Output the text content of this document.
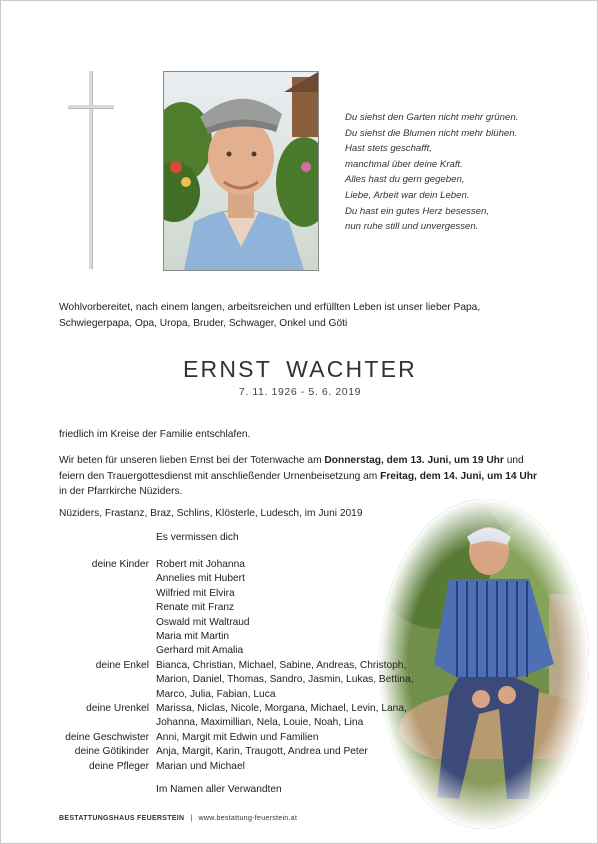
Du siehst den Garten nicht mehr grünen.
Du siehst die Blumen nicht mehr blühen.
Hast stets geschafft,
manchmal über deine Kraft.
Alles hast du gern gegeben,
Liebe, Arbeit war dein Leben.
Du hast ein gutes Herz besessen,
nun ruhe still und unvergessen.
Wohlvorbereitet, nach einem langen, arbeitsreichen und erfüllten Leben ist unser lieber Papa,
Schwiegerpapa, Opa, Uropa, Bruder, Schwager, Onkel und Göti
ERNST WACHTER
7. 11. 1926 - 5. 6. 2019
friedlich im Kreise der Familie entschlafen.
Wir beten für unseren lieben Ernst bei der Totenwache am Donnerstag, dem 13. Juni, um 19 Uhr und
feiern den Trauergottesdienst mit anschließender Urnenbeisetzung am Freitag, dem 14. Juni, um 14 Uhr
in der Pfarrkirche Nüziders.
Nüziders, Frastanz, Braz, Schlins, Klösterle, Ludesch, im Juni 2019
Es vermissen dich
deine Kinder Robert mit Johanna
Annelies mit Hubert
Wilfried mit Elvira
Renate mit Franz
Oswald mit Waltraud
Maria mit Martin
Gerhard mit Amalia
deine Enkel Bianca, Christian, Michael, Sabine, Andreas, Christoph,
Marion, Daniel, Thomas, Sandro, Jasmin, Lukas, Bettina,
Marco, Julia, Fabian, Luca
deine Urenkel Marissa, Niclas, Nicole, Morgana, Michael, Levin, Lana,
Johanna, Maximillian, Nela, Louie, Noah, Lina
deine Geschwister Anni, Margit mit Edwin und Familien
deine Götikinder Anja, Margit, Karin, Traugott, Andrea und Peter
deine Pfleger Marian und Michael
Im Namen aller Verwandten
BESTATTUNGSHAUS FEUERSTEIN | www.bestattung-feuerstein.at
